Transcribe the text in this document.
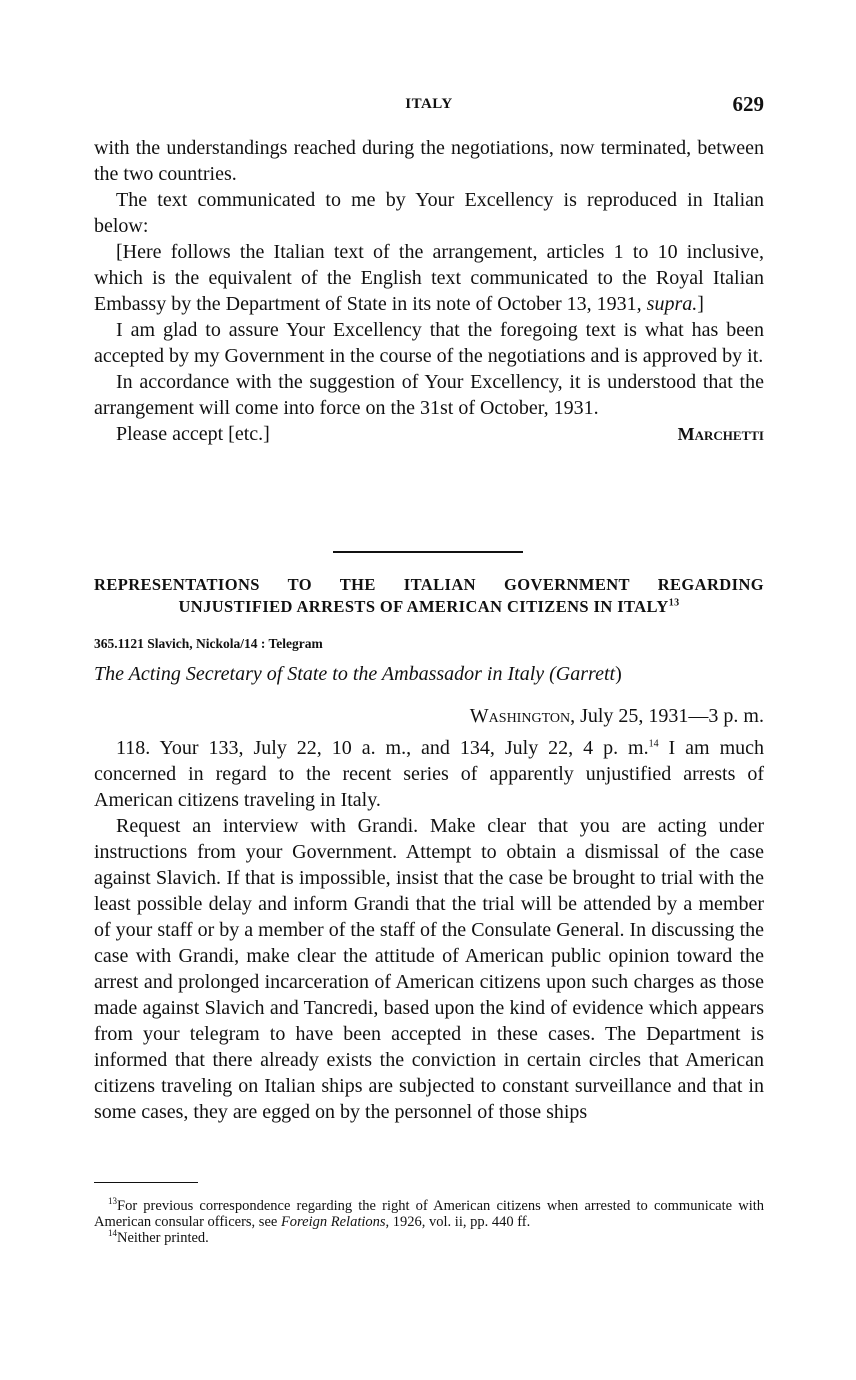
ITALY	629

with the understandings reached during the negotiations, now terminated, between the two countries.

The text communicated to me by Your Excellency is reproduced in Italian below:

[Here follows the Italian text of the arrangement, articles 1 to 10 inclusive, which is the equivalent of the English text communicated to the Royal Italian Embassy by the Department of State in its note of October 13, 1931, supra.]

I am glad to assure Your Excellency that the foregoing text is what has been accepted by my Government in the course of the negotiations and is approved by it.

In accordance with the suggestion of Your Excellency, it is understood that the arrangement will come into force on the 31st of October, 1931.

Please accept [etc.]	Marchetti
REPRESENTATIONS TO THE ITALIAN GOVERNMENT REGARDING
UNJUSTIFIED ARRESTS OF AMERICAN CITIZENS IN ITALY$^{13}$
365.1121 Slavich, Nickola/14 : Telegram
The Acting Secretary of State to the Ambassador in Italy (Garrett)
Washington, July 25, 1931—3 p. m.

118. Your 133, July 22, 10 a. m., and 134, July 22, 4 p. m.$^{14}$ I am much concerned in regard to the recent series of apparently unjustified arrests of American citizens traveling in Italy.

Request an interview with Grandi. Make clear that you are acting under instructions from your Government. Attempt to obtain a dismissal of the case against Slavich. If that is impossible, insist that the case be brought to trial with the least possible delay and inform Grandi that the trial will be attended by a member of your staff or by a member of the staff of the Consulate General. In discussing the case with Grandi, make clear the attitude of American public opinion toward the arrest and prolonged incarceration of American citizens upon such charges as those made against Slavich and Tancredi, based upon the kind of evidence which appears from your telegram to have been accepted in these cases. The Department is informed that there already exists the conviction in certain circles that American citizens traveling on Italian ships are subjected to constant surveillance and that in some cases, they are egged on by the personnel of those ships

$^{13}$For previous correspondence regarding the right of American citizens when arrested to communicate with American consular officers, see Foreign Relations, 1926, vol. ii, pp. 440 ff.

$^{14}$Neither printed.
